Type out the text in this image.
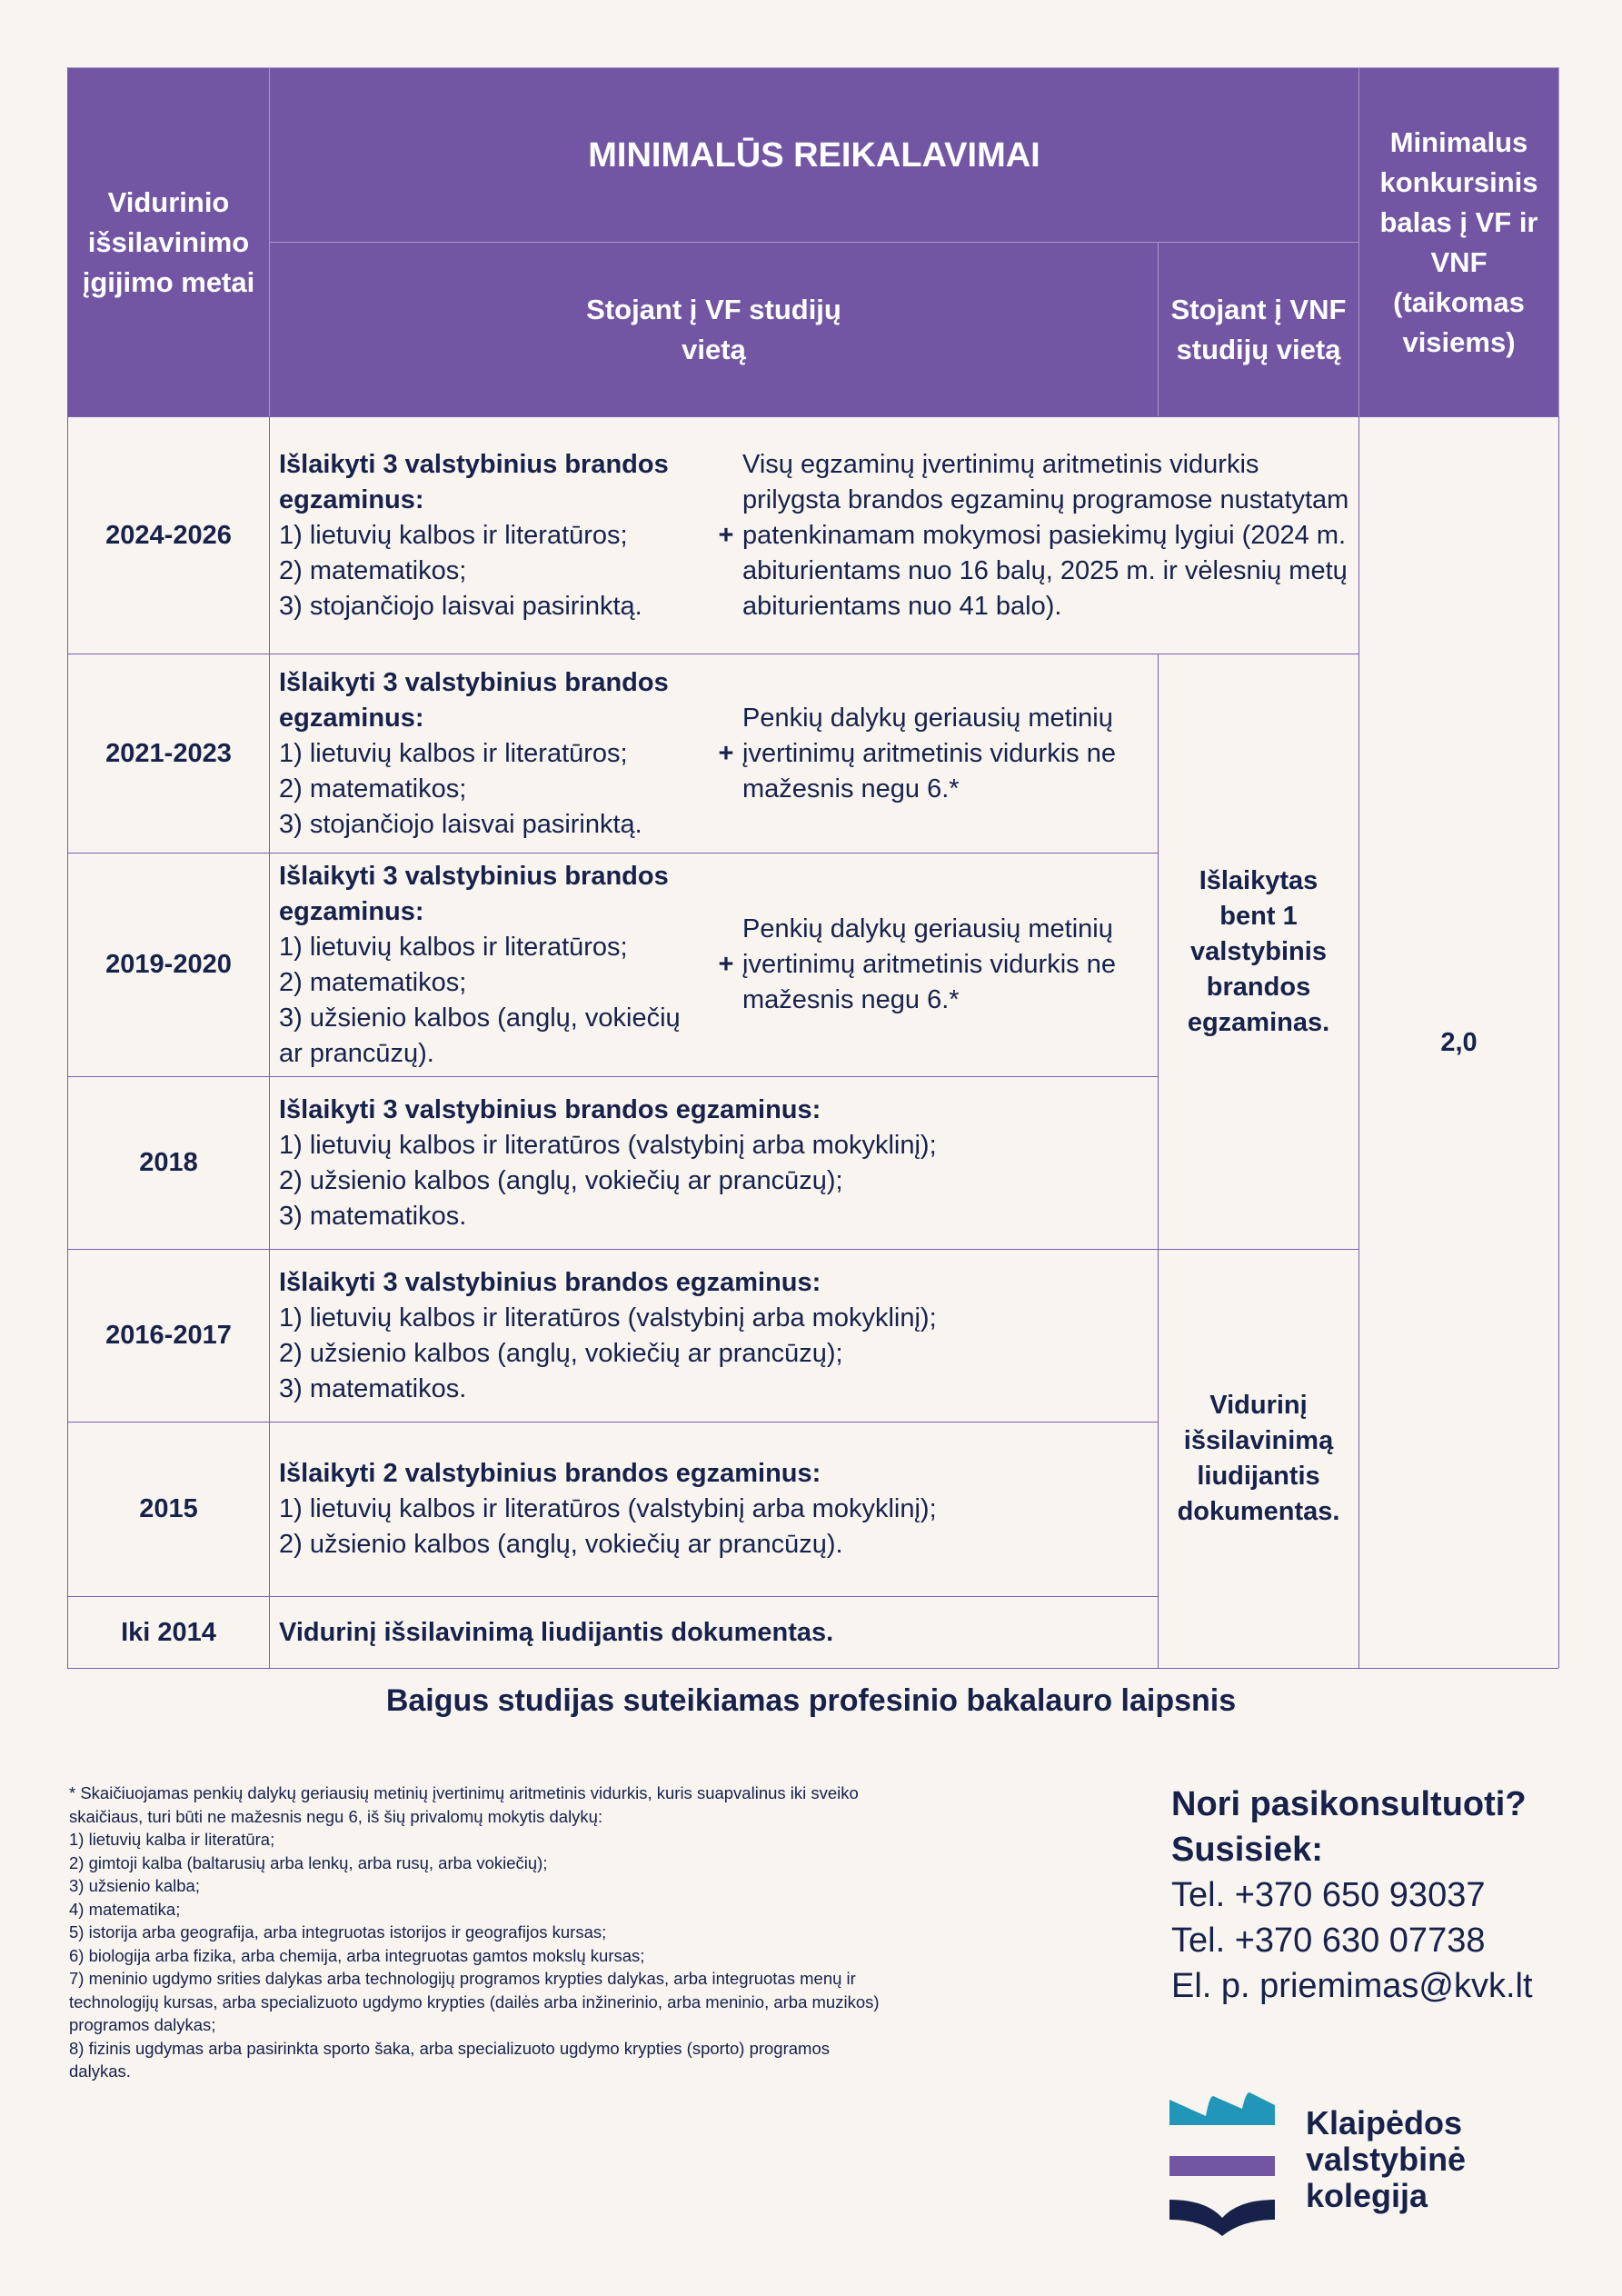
Vidurinio išsilavinimo įgijimo metai
MINIMALŪS REIKALAVIMAI	Minimalus konkursinis balas į VF ir VNF (taikomas visiems)
Stojant į VF studijų vietą
Stojant į VNF studijų vietą
2024-2026
Išlaikyti 3 valstybinius brandos egzaminus:
1) lietuvių kalbos ir literatūros;
2) matematikos;
3) stojančiojo laisvai pasirinktą.
+
Visų egzaminų įvertinimų aritmetinis vidurkis prilygsta brandos egzaminų programose nustatytam patenkinamam mokymosi pasiekimų lygiui (2024 m. abiturientams nuo 16 balų, 2025 m. ir vėlesnių metų abiturientams nuo 41 balo).
2021-2023
Išlaikyti 3 valstybinius brandos egzaminus:
1) lietuvių kalbos ir literatūros;
2) matematikos;
3) stojančiojo laisvai pasirinktą.
+
Penkių dalykų geriausių metinių įvertinimų aritmetinis vidurkis ne mažesnis negu 6.*
2019-2020
Išlaikyti 3 valstybinius brandos egzaminus:
1) lietuvių kalbos ir literatūros;
2) matematikos;
3) užsienio kalbos (anglų, vokiečių ar prancūzų).
+
Penkių dalykų geriausių metinių įvertinimų aritmetinis vidurkis ne mažesnis negu 6.*
2018
Išlaikyti 3 valstybinius brandos egzaminus:
1) lietuvių kalbos ir literatūros (valstybinį arba mokyklinį);
2) užsienio kalbos (anglų, vokiečių ar prancūzų);
3) matematikos.
Išlaikytas bent 1 valstybinis brandos egzaminas.
2016-2017
Išlaikyti 3 valstybinius brandos egzaminus:
1) lietuvių kalbos ir literatūros (valstybinį arba mokyklinį);
2) užsienio kalbos (anglų, vokiečių ar prancūzų);
3) matematikos.
2015
Išlaikyti 2 valstybinius brandos egzaminus:
1) lietuvių kalbos ir literatūros (valstybinį arba mokyklinį);
2) užsienio kalbos (anglų, vokiečių ar prancūzų).
Iki 2014	Vidurinį išsilavinimą liudijantis dokumentas.
Vidurinį išsilavinimą liudijantis dokumentas.
2,0
Baigus studijas suteikiamas profesinio bakalauro laipsnis
* Skaičiuojamas penkių dalykų geriausių metinių įvertinimų aritmetinis vidurkis, kuris suapvalinus iki sveiko skaičiaus, turi būti ne mažesnis negu 6, iš šių privalomų mokytis dalykų:
1) lietuvių kalba ir literatūra;
2) gimtoji kalba (baltarusių arba lenkų, arba rusų, arba vokiečių);
3) užsienio kalba;
4) matematika;
5) istorija arba geografija, arba integruotas istorijos ir geografijos kursas;
6) biologija arba fizika, arba chemija, arba integruotas gamtos mokslų kursas;
7) meninio ugdymo srities dalykas arba technologijų programos krypties dalykas, arba integruotas menų ir technologijų kursas, arba specializuoto ugdymo krypties (dailės arba inžinerinio, arba meninio, arba muzikos) programos dalykas;
8) fizinis ugdymas arba pasirinkta sporto šaka, arba specializuoto ugdymo krypties (sporto) programos dalykas.
Nori pasikonsultuoti?
Susisiek:
Tel. +370 650 93037
Tel. +370 630 07738
El. p. priemimas@kvk.lt
Klaipėdos
valstybinė
kolegija
